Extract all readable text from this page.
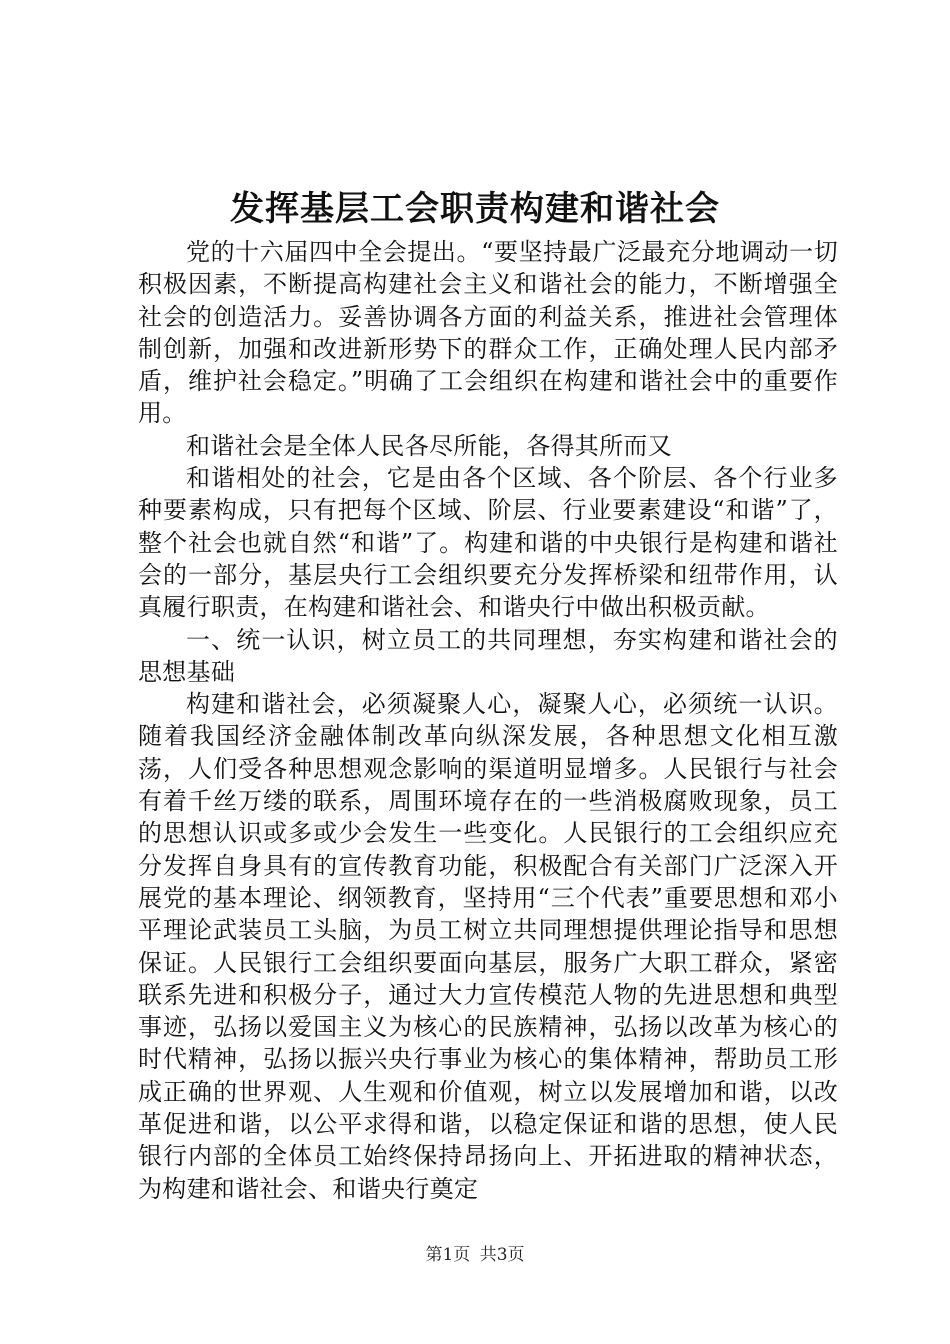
发挥基层工会职责构建和谐社会

党的十六届四中全会提出。“要坚持最广泛最充分地调动一切积极因素，不断提高构建社会主义和谐社会的能力，不断增强全社会的创造活力。妥善协调各方面的利益关系，推进社会管理体制创新，加强和改进新形势下的群众工作，正确处理人民内部矛盾，维护社会稳定。”明确了工会组织在构建和谐社会中的重要作用。

和谐社会是全体人民各尽所能，各得其所而又

和谐相处的社会，它是由各个区域、各个阶层、各个行业多种要素构成，只有把每个区域、阶层、行业要素建设“和谐”了，整个社会也就自然“和谐”了。构建和谐的中央银行是构建和谐社会的一部分，基层央行工会组织要充分发挥桥梁和纽带作用，认真履行职责，在构建和谐社会、和谐央行中做出积极贡献。

一、统一认识，树立员工的共同理想，夯实构建和谐社会的思想基础

构建和谐社会，必须凝聚人心，凝聚人心，必须统一认识。随着我国经济金融体制改革向纵深发展，各种思想文化相互激荡，人们受各种思想观念影响的渠道明显增多。人民银行与社会有着千丝万缕的联系，周围环境存在的一些消极腐败现象，员工的思想认识或多或少会发生一些变化。人民银行的工会组织应充分发挥自身具有的宣传教育功能，积极配合有关部门广泛深入开展党的基本理论、纲领教育，坚持用“三个代表”重要思想和邓小平理论武装员工头脑，为员工树立共同理想提供理论指导和思想保证。人民银行工会组织要面向基层，服务广大职工群众，紧密联系先进和积极分子，通过大力宣传模范人物的先进思想和典型事迹，弘扬以爱国主义为核心的民族精神，弘扬以改革为核心的时代精神，弘扬以振兴央行事业为核心的集体精神，帮助员工形成正确的世界观、人生观和价值观，树立以发展增加和谐，以改革促进和谐，以公平求得和谐，以稳定保证和谐的思想，使人民银行内部的全体员工始终保持昂扬向上、开拓进取的精神状态，为构建和谐社会、和谐央行奠定

第1页 共3页
